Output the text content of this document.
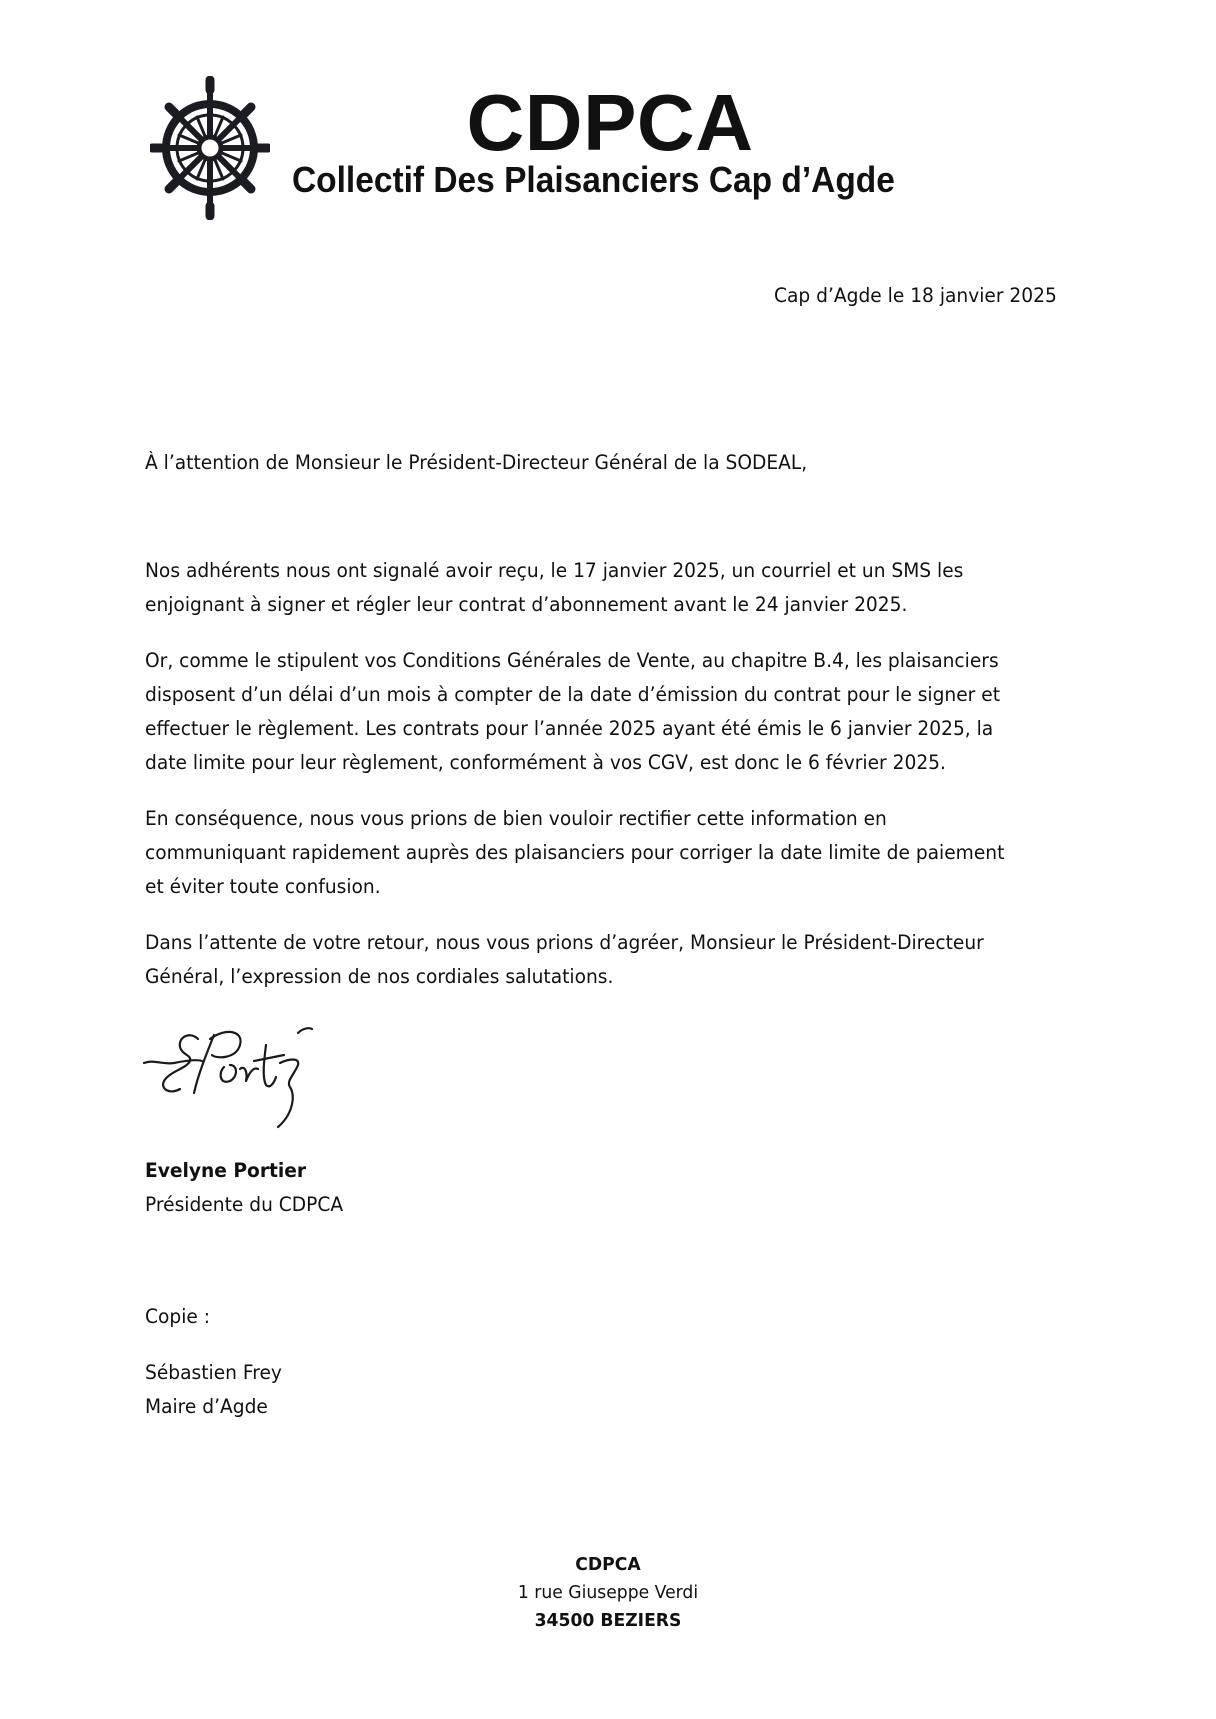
CDPCA
Collectif Des Plaisanciers Cap d’Agde
Cap d’Agde le 18 janvier 2025
À l’attention de Monsieur le Président-Directeur Général de la SODEAL,
Nos adhérents nous ont signalé avoir reçu, le 17 janvier 2025, un courriel et un SMS les
enjoignant à signer et régler leur contrat d’abonnement avant le 24 janvier 2025.
Or, comme le stipulent vos Conditions Générales de Vente, au chapitre B.4, les plaisanciers
disposent d’un délai d’un mois à compter de la date d’émission du contrat pour le signer et
effectuer le règlement. Les contrats pour l’année 2025 ayant été émis le 6 janvier 2025, la
date limite pour leur règlement, conformément à vos CGV, est donc le 6 février 2025.
En conséquence, nous vous prions de bien vouloir rectifier cette information en
communiquant rapidement auprès des plaisanciers pour corriger la date limite de paiement
et éviter toute confusion.
Dans l’attente de votre retour, nous vous prions d’agréer, Monsieur le Président-Directeur
Général, l’expression de nos cordiales salutations.
Evelyne Portier
Présidente du CDPCA
Copie :
Sébastien Frey
Maire d’Agde
CDPCA
1 rue Giuseppe Verdi
34500 BEZIERS
